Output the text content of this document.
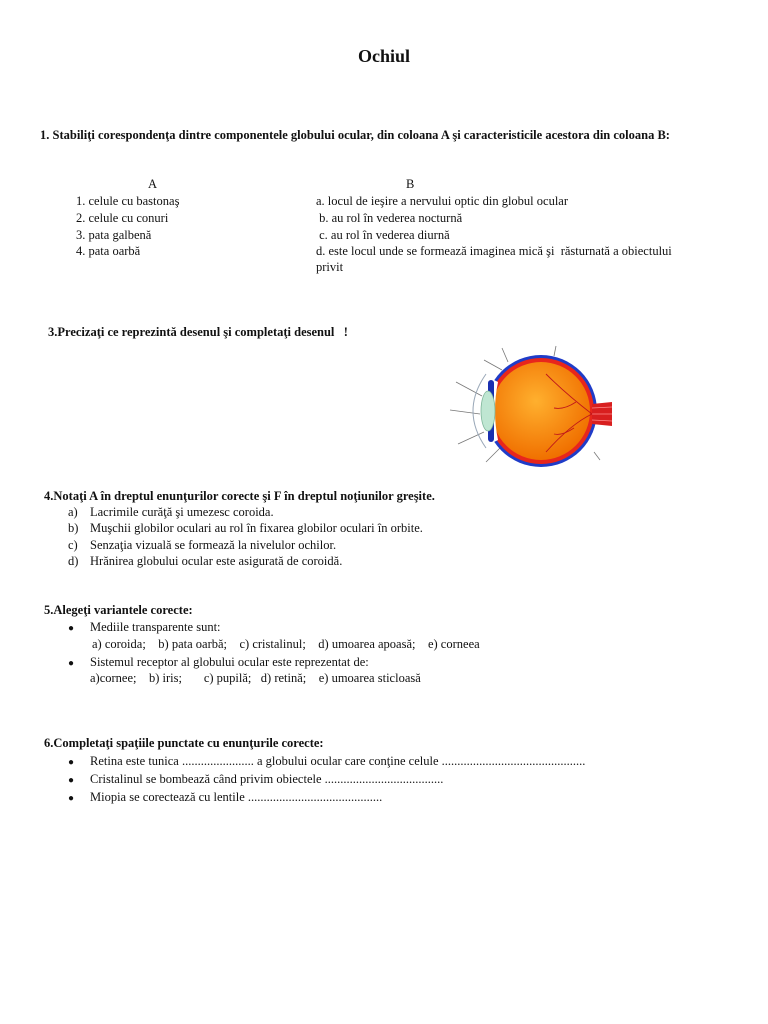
Ochiul
1. Stabiliţi corespondenţa dintre componentele globului ocular, din coloana A şi caracteristicile acestora din coloana B:
A	B
1. celule cu bastonaş
2. celule cu conuri
3. pata galbenă
4. pata oarbă
a. locul de ieşire a nervului optic din globul ocular
b. au rol în vederea nocturnă
c. au rol în vederea diurnă
d. este locul unde se formează imaginea mică şi  răsturnată a obiectului
privit
3.Precizaţi ce reprezintă desenul şi completaţi desenul   !
4.Notaţi A în dreptul enunţurilor corecte şi F în dreptul noţiunilor greşite.
a) Lacrimile curăţă şi umezesc coroida.
b) Muşchii globilor oculari au rol în fixarea globilor oculari în orbite.
c) Senzaţia vizuală se formează la nivelulor ochilor.
d) Hrănirea globului ocular este asigurată de coroidă.
5.Alegeţi variantele corecte:
● Mediile transparente sunt:
a) coroida;    b) pata oarbă;    c) cristalinul;    d) umoarea apoasă;    e) corneea
● Sistemul receptor al globului ocular este reprezentat de:
a)cornee;    b) iris;       c) pupilă;   d) retină;    e) umoarea sticloasă
6.Completaţi spaţiile punctate cu enunţurile corecte:
● Retina este tunica ....................... a globului ocular care conţine celule ..............................................
● Cristalinul se bombează când privim obiectele ......................................
● Miopia se corectează cu lentile ...........................................
